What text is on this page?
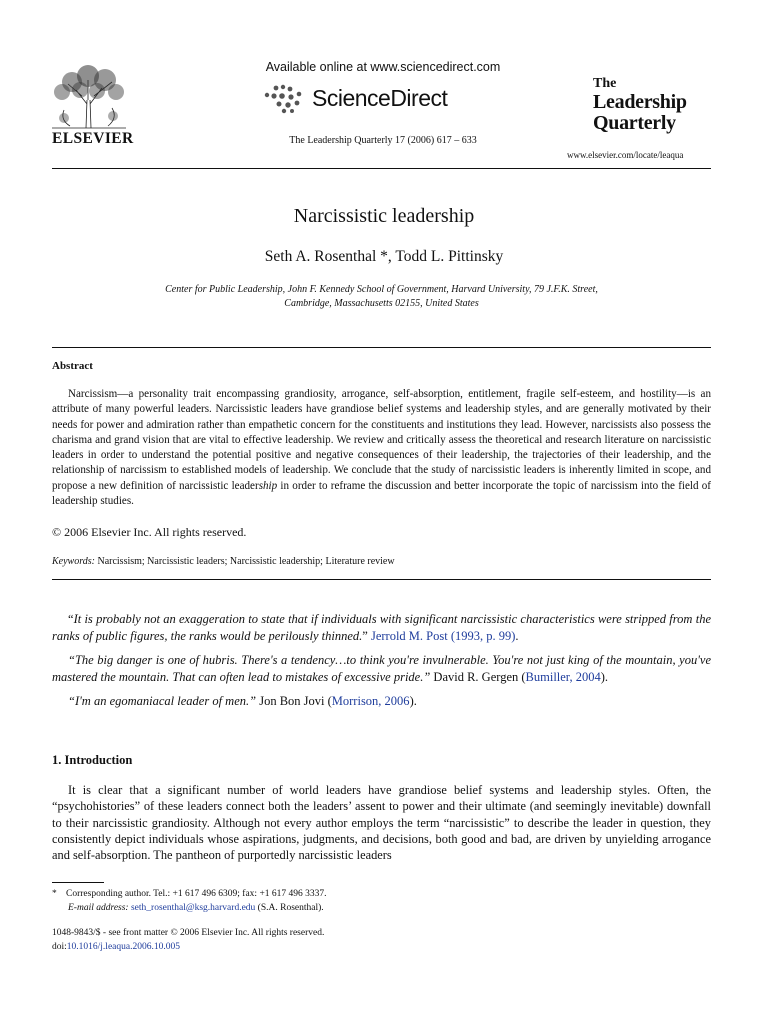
ELSEVIER
Available online at www.sciencedirect.com
ScienceDirect
The Leadership Quarterly 17 (2006) 617 – 633
The
Leadership
Quarterly
www.elsevier.com/locate/leaqua
Narcissistic leadership
Seth A. Rosenthal *, Todd L. Pittinsky
Center for Public Leadership, John F. Kennedy School of Government, Harvard University, 79 J.F.K. Street,
Cambridge, Massachusetts 02155, United States
Abstract
Narcissism—a personality trait encompassing grandiosity, arrogance, self-absorption, entitlement, fragile self-esteem, and hostility—is an attribute of many powerful leaders. Narcissistic leaders have grandiose belief systems and leadership styles, and are generally motivated by their needs for power and admiration rather than empathetic concern for the constituents and institutions they lead. However, narcissists also possess the charisma and grand vision that are vital to effective leadership. We review and critically assess the theoretical and research literature on narcissistic leaders in order to understand the potential positive and negative consequences of their leadership, the trajectories of their leadership, and the relationship of narcissism to established models of leadership. We conclude that the study of narcissistic leaders is inherently limited in scope, and propose a new definition of narcissistic leadership in order to reframe the discussion and better incorporate the topic of narcissism into the field of leadership studies.
© 2006 Elsevier Inc. All rights reserved.
Keywords: Narcissism; Narcissistic leaders; Narcissistic leadership; Literature review
“It is probably not an exaggeration to state that if individuals with significant narcissistic characteristics were stripped from the ranks of public figures, the ranks would be perilously thinned.” Jerrold M. Post (1993, p. 99).
“The big danger is one of hubris. There's a tendency…to think you're invulnerable. You're not just king of the mountain, you've mastered the mountain. That can often lead to mistakes of excessive pride.” David R. Gergen (Bumiller, 2004).
“I'm an egomaniacal leader of men.” Jon Bon Jovi (Morrison, 2006).
1. Introduction
It is clear that a significant number of world leaders have grandiose belief systems and leadership styles. Often, the “psychohistories” of these leaders connect both the leaders’ assent to power and their ultimate (and seemingly inevitable) downfall to their narcissistic grandiosity. Although not every author employs the term “narcissistic” to describe the leader in question, they consistently depict individuals whose aspirations, judgments, and decisions, both good and bad, are driven by unyielding arrogance and self-absorption. The pantheon of purportedly narcissistic leaders
* Corresponding author. Tel.: +1 617 496 6309; fax: +1 617 496 3337.
E-mail address: seth_rosenthal@ksg.harvard.edu (S.A. Rosenthal).
1048-9843/$ - see front matter © 2006 Elsevier Inc. All rights reserved.
doi:10.1016/j.leaqua.2006.10.005
